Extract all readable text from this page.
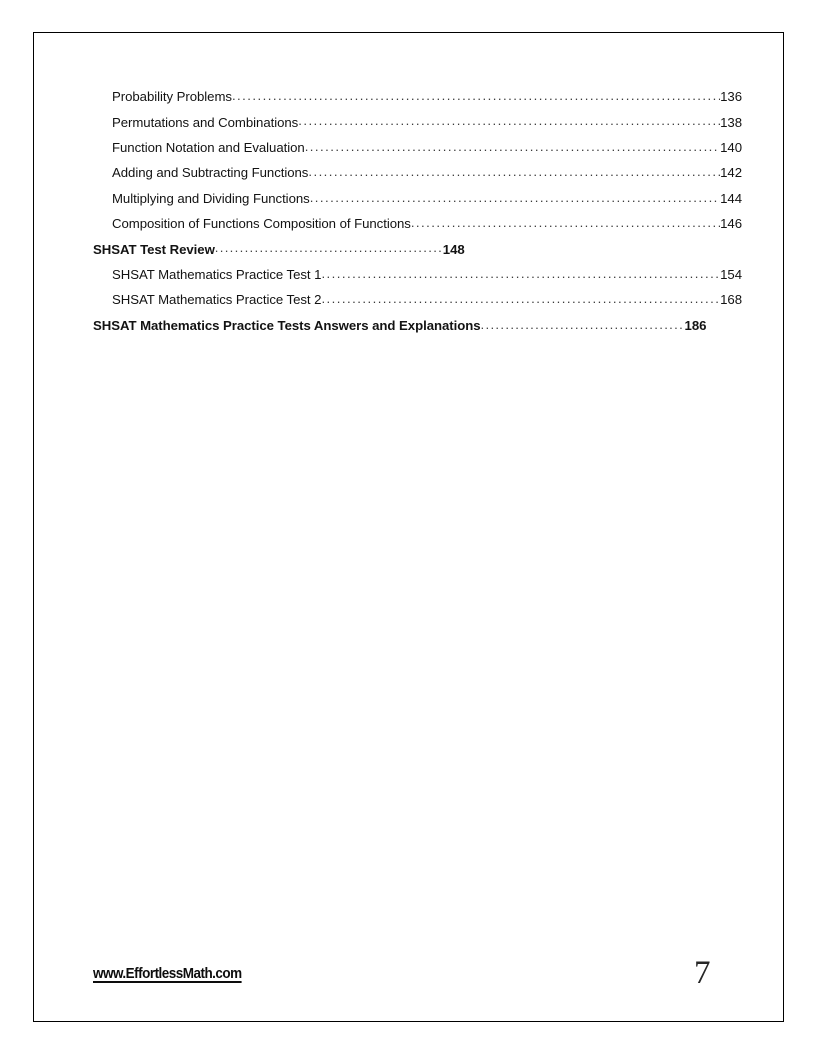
Probability Problems .....	136
Permutations and Combinations .....	138
Function Notation and Evaluation .....	140
Adding and Subtracting Functions .....	142
Multiplying and Dividing Functions .....	144
Composition of Functions Composition of Functions .....	146
SHSAT Test Review .....	148
SHSAT Mathematics Practice Test 1 .....	154
SHSAT Mathematics Practice Test 2 .....	168
SHSAT Mathematics Practice Tests Answers and Explanations .....	186
www.EffortlessMath.com	7
